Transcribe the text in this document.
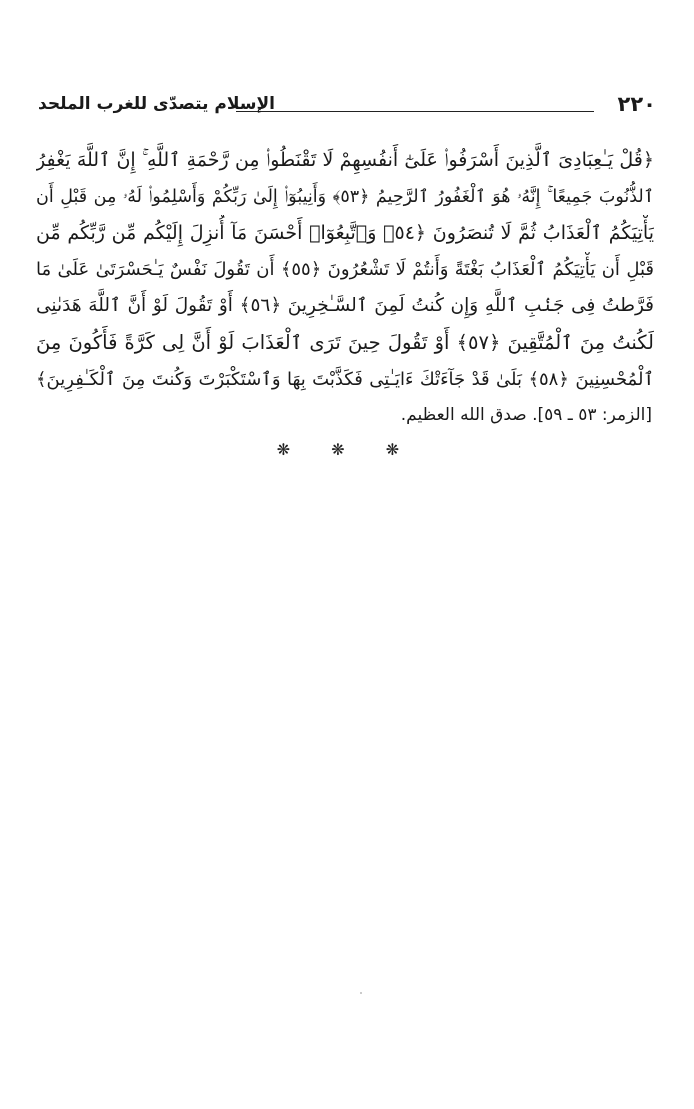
٢٢٠
الإسلام يتصدّى للغرب الملحد
﴿قُلْ يَـٰعِبَادِىَ ٱلَّذِينَ أَسْرَفُوا۟ عَلَىٰٓ أَنفُسِهِمْ لَا تَقْنَطُوا۟ مِن رَّحْمَةِ ٱللَّهِ ۚ إِنَّ ٱللَّهَ يَغْفِرُ
ٱلذُّنُوبَ جَمِيعًا ۚ إِنَّهُۥ هُوَ ٱلْغَفُورُ ٱلرَّحِيمُ ﴿٥٣﴾ وَأَنِيبُوٓا۟ إِلَىٰ رَبِّكُمْ وَأَسْلِمُوا۟ لَهُۥ مِن قَبْلِ أَن
يَأْتِيَكُمُ ٱلْعَذَابُ ثُمَّ لَا تُنصَرُونَ ﴿٥٤﴾ وَٱتَّبِعُوٓا۟ أَحْسَنَ مَآ أُنزِلَ إِلَيْكُم مِّن رَّبِّكُم مِّن
قَبْلِ أَن يَأْتِيَكُمُ ٱلْعَذَابُ بَغْتَةً وَأَنتُمْ لَا تَشْعُرُونَ ﴿٥٥﴾ أَن تَقُولَ نَفْسٌ يَـٰحَسْرَتَىٰ عَلَىٰ مَا
فَرَّطتُ فِى جَنۢبِ ٱللَّهِ وَإِن كُنتُ لَمِنَ ٱلسَّـٰخِرِينَ ﴿٥٦﴾ أَوْ تَقُولَ لَوْ أَنَّ ٱللَّهَ هَدَىٰنِى
لَكُنتُ مِنَ ٱلْمُتَّقِينَ ﴿٥٧﴾ أَوْ تَقُولَ حِينَ تَرَى ٱلْعَذَابَ لَوْ أَنَّ لِى كَرَّةً فَأَكُونَ مِنَ
ٱلْمُحْسِنِينَ ﴿٥٨﴾ بَلَىٰ قَدْ جَآءَتْكَ ءَايَـٰتِى فَكَذَّبْتَ بِهَا وَٱسْتَكْبَرْتَ وَكُنتَ مِنَ ٱلْكَـٰفِرِينَ﴾
[الزمر: ٥٣ ـ ٥٩]. صدق الله العظيم.
❋ ❋ ❋
